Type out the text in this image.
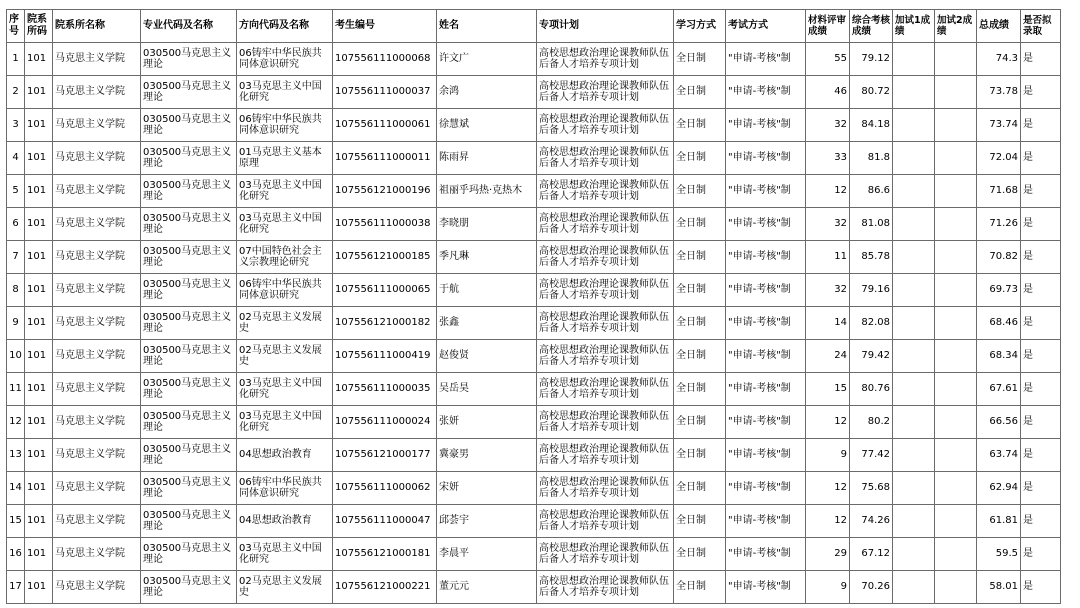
序号	院系所码	院系所名称	专业代码及名称	方向代码及名称	考生编号	姓名	专项计划	学习方式	考试方式	材料评审成绩	综合考核成绩	加试1成绩	加试2成绩	总成绩	是否拟录取
1	101	马克思主义学院	030500马克思主义理论	06铸牢中华民族共同体意识研究	107556111000068	许文广	高校思想政治理论课教师队伍后备人才培养专项计划	全日制	"申请-考核"制	55	79.12			74.3	是
2	101	马克思主义学院	030500马克思主义理论	03马克思主义中国化研究	107556111000037	余鸿	高校思想政治理论课教师队伍后备人才培养专项计划	全日制	"申请-考核"制	46	80.72			73.78	是
3	101	马克思主义学院	030500马克思主义理论	06铸牢中华民族共同体意识研究	107556111000061	徐慧斌	高校思想政治理论课教师队伍后备人才培养专项计划	全日制	"申请-考核"制	32	84.18			73.74	是
4	101	马克思主义学院	030500马克思主义理论	01马克思主义基本原理	107556111000011	陈雨昇	高校思想政治理论课教师队伍后备人才培养专项计划	全日制	"申请-考核"制	33	81.8			72.04	是
5	101	马克思主义学院	030500马克思主义理论	03马克思主义中国化研究	107556121000196	祖丽乎玛热·克热木	高校思想政治理论课教师队伍后备人才培养专项计划	全日制	"申请-考核"制	12	86.6			71.68	是
6	101	马克思主义学院	030500马克思主义理论	03马克思主义中国化研究	107556111000038	李晓朋	高校思想政治理论课教师队伍后备人才培养专项计划	全日制	"申请-考核"制	32	81.08			71.26	是
7	101	马克思主义学院	030500马克思主义理论	07中国特色社会主义宗教理论研究	107556121000185	季凡琳	高校思想政治理论课教师队伍后备人才培养专项计划	全日制	"申请-考核"制	11	85.78			70.82	是
8	101	马克思主义学院	030500马克思主义理论	06铸牢中华民族共同体意识研究	107556111000065	于航	高校思想政治理论课教师队伍后备人才培养专项计划	全日制	"申请-考核"制	32	79.16			69.73	是
9	101	马克思主义学院	030500马克思主义理论	02马克思主义发展史	107556121000182	张鑫	高校思想政治理论课教师队伍后备人才培养专项计划	全日制	"申请-考核"制	14	82.08			68.46	是
10	101	马克思主义学院	030500马克思主义理论	02马克思主义发展史	107556111000419	赵俊贤	高校思想政治理论课教师队伍后备人才培养专项计划	全日制	"申请-考核"制	24	79.42			68.34	是
11	101	马克思主义学院	030500马克思主义理论	03马克思主义中国化研究	107556111000035	吴岳昊	高校思想政治理论课教师队伍后备人才培养专项计划	全日制	"申请-考核"制	15	80.76			67.61	是
12	101	马克思主义学院	030500马克思主义理论	03马克思主义中国化研究	107556111000024	张妍	高校思想政治理论课教师队伍后备人才培养专项计划	全日制	"申请-考核"制	12	80.2			66.56	是
13	101	马克思主义学院	030500马克思主义理论	04思想政治教育	107556121000177	冀豪男	高校思想政治理论课教师队伍后备人才培养专项计划	全日制	"申请-考核"制	9	77.42			63.74	是
14	101	马克思主义学院	030500马克思主义理论	06铸牢中华民族共同体意识研究	107556111000062	宋妍	高校思想政治理论课教师队伍后备人才培养专项计划	全日制	"申请-考核"制	12	75.68			62.94	是
15	101	马克思主义学院	030500马克思主义理论	04思想政治教育	107556111000047	邱荟宇	高校思想政治理论课教师队伍后备人才培养专项计划	全日制	"申请-考核"制	12	74.26			61.81	是
16	101	马克思主义学院	030500马克思主义理论	03马克思主义中国化研究	107556121000181	李晨平	高校思想政治理论课教师队伍后备人才培养专项计划	全日制	"申请-考核"制	29	67.12			59.5	是
17	101	马克思主义学院	030500马克思主义理论	02马克思主义发展史	107556121000221	董元元	高校思想政治理论课教师队伍后备人才培养专项计划	全日制	"申请-考核"制	9	70.26			58.01	是
